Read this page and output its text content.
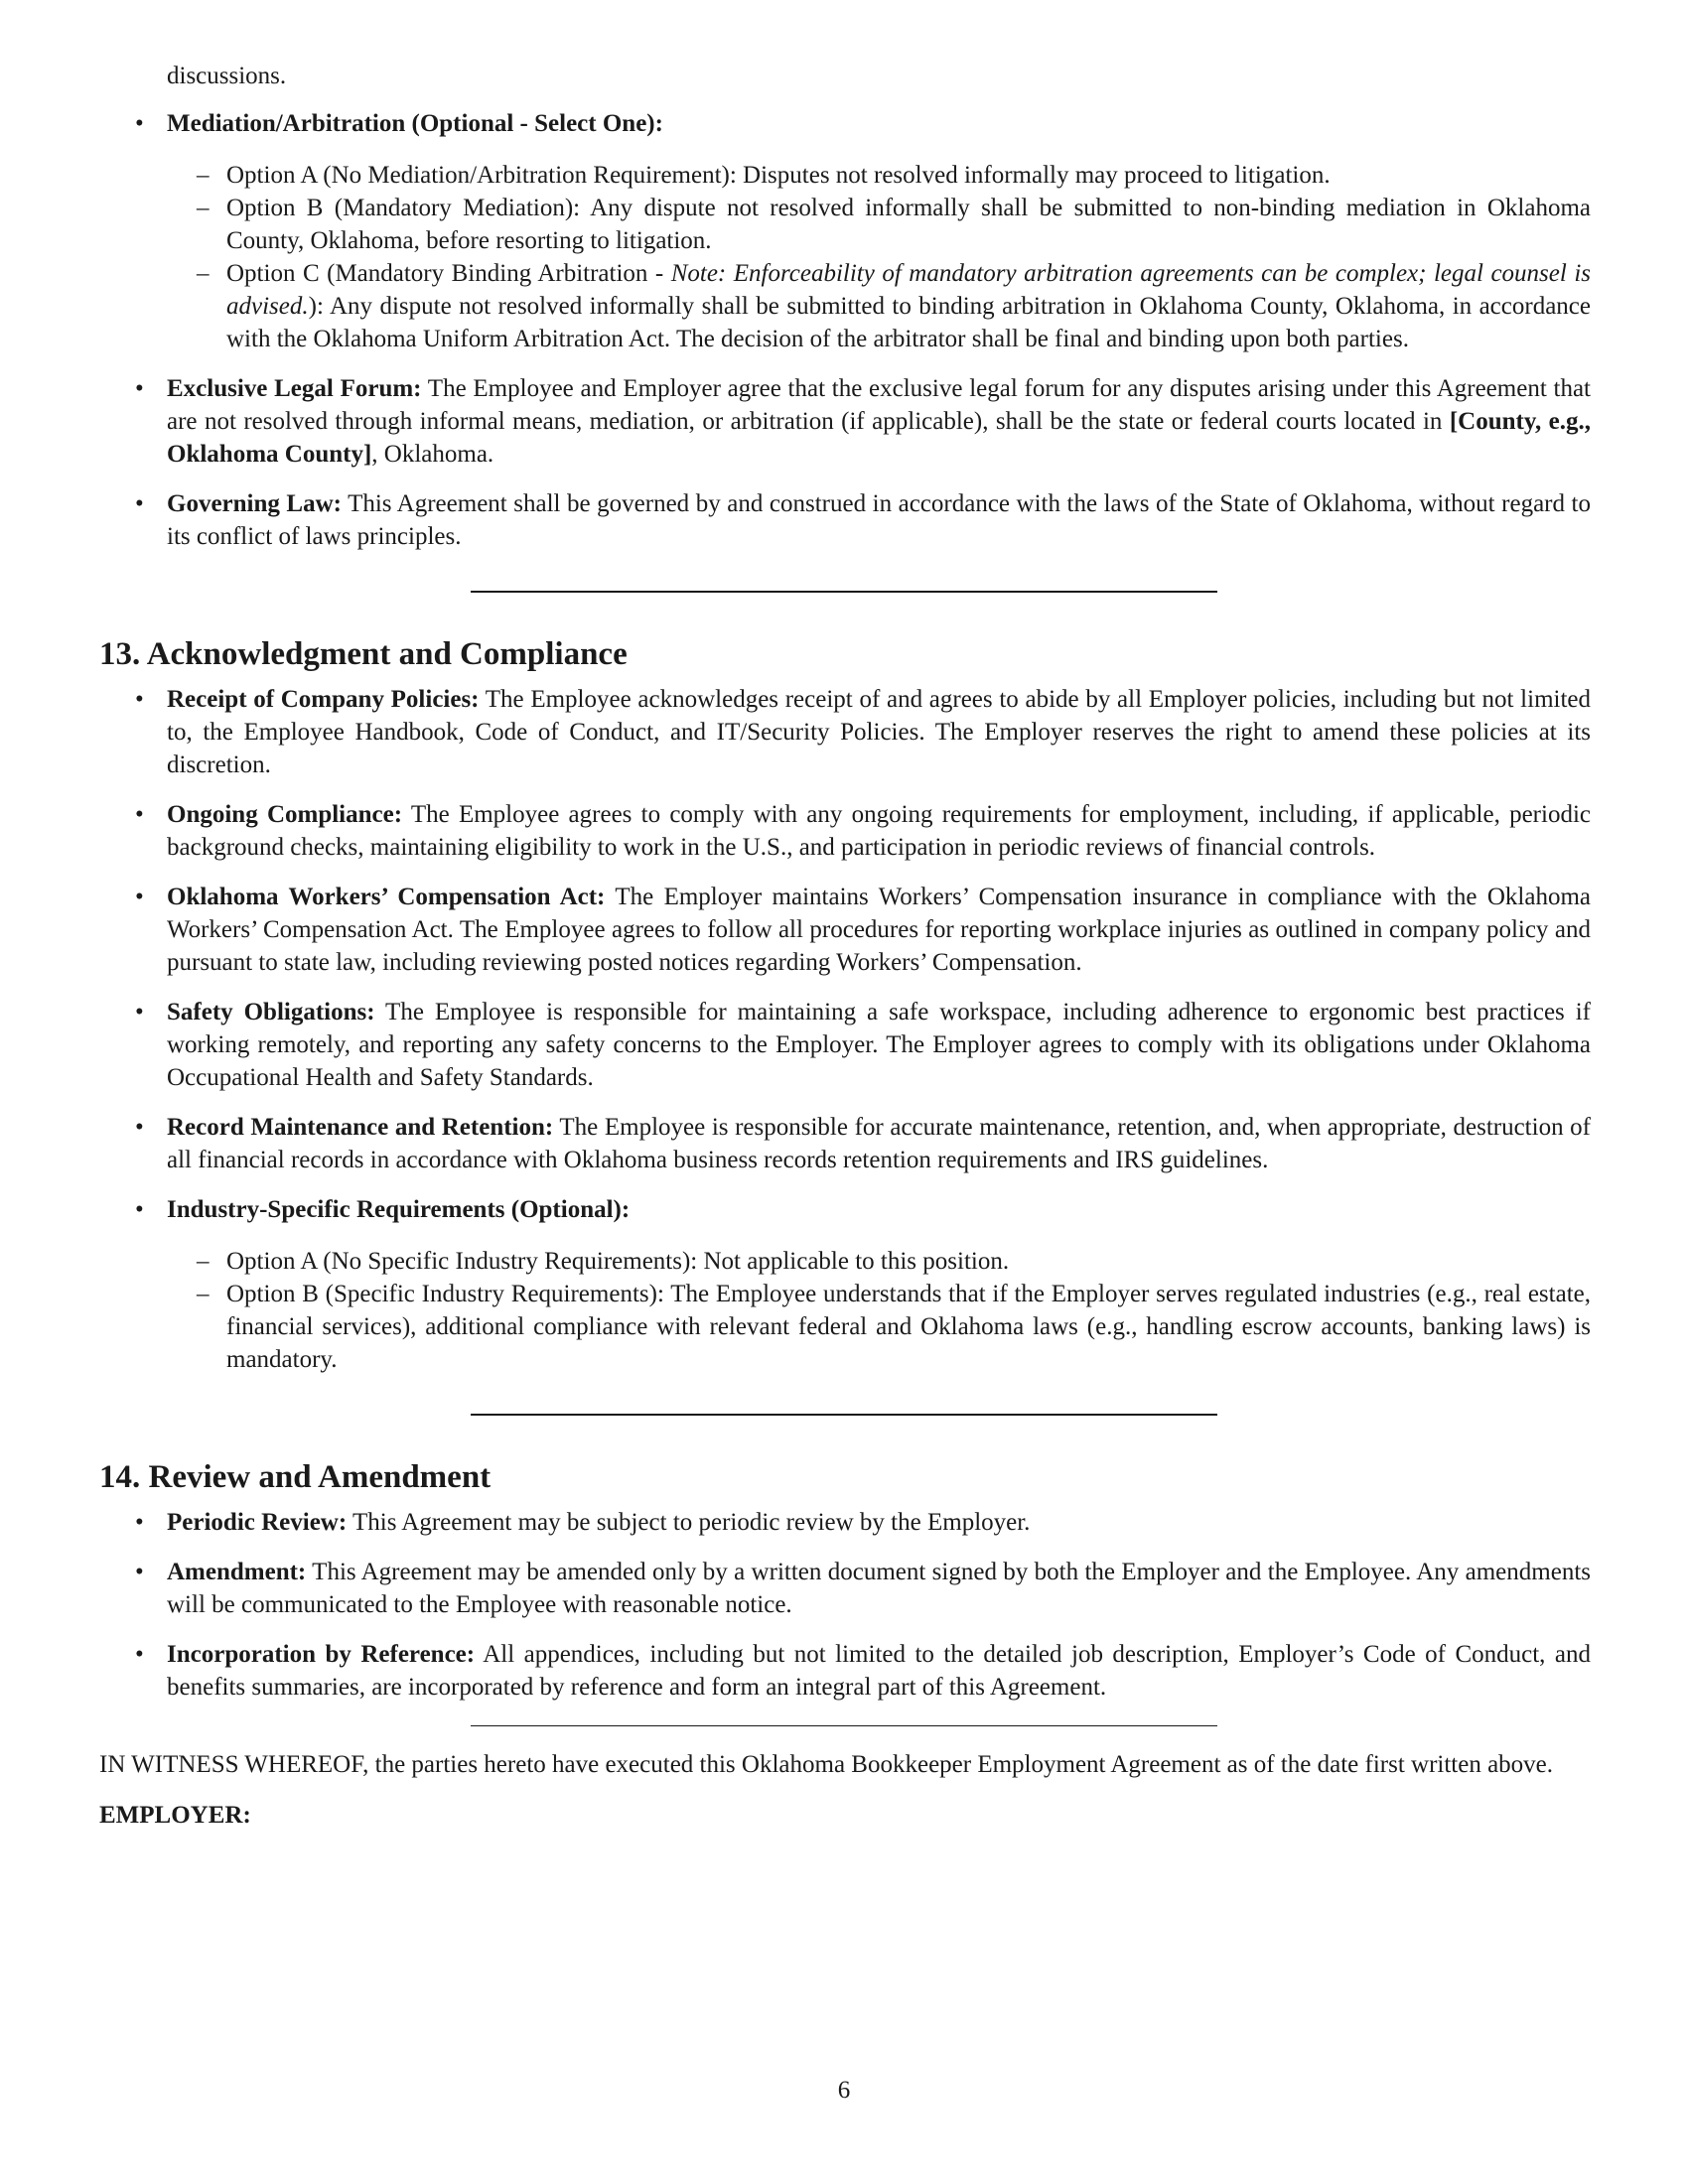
discussions.

• Mediation/Arbitration (Optional - Select One):

– Option A (No Mediation/Arbitration Requirement): Disputes not resolved informally may proceed to litigation.

– Option B (Mandatory Mediation): Any dispute not resolved informally shall be submitted to non-binding mediation in Oklahoma County, Oklahoma, before resorting to litigation.

– Option C (Mandatory Binding Arbitration - Note: Enforceability of mandatory arbitration agreements can be complex; legal counsel is advised.): Any dispute not resolved informally shall be submitted to binding arbitration in Oklahoma County, Oklahoma, in accordance with the Oklahoma Uniform Arbitration Act. The decision of the arbitrator shall be final and binding upon both parties.

• Exclusive Legal Forum: The Employee and Employer agree that the exclusive legal forum for any disputes arising under this Agreement that are not resolved through informal means, mediation, or arbitration (if applicable), shall be the state or federal courts located in [County, e.g., Oklahoma County], Oklahoma.

• Governing Law: This Agreement shall be governed by and construed in accordance with the laws of the State of Oklahoma, without regard to its conflict of laws principles.

13. Acknowledgment and Compliance
• Receipt of Company Policies: The Employee acknowledges receipt of and agrees to abide by all Employer policies, including but not limited to, the Employee Handbook, Code of Conduct, and IT/Security Policies. The Employer reserves the right to amend these policies at its discretion.

• Ongoing Compliance: The Employee agrees to comply with any ongoing requirements for employment, including, if applicable, periodic background checks, maintaining eligibility to work in the U.S., and participation in periodic reviews of financial controls.

• Oklahoma Workers’ Compensation Act: The Employer maintains Workers’ Compensation insurance in compliance with the Oklahoma Workers’ Compensation Act. The Employee agrees to follow all procedures for reporting workplace injuries as outlined in company policy and pursuant to state law, including reviewing posted notices regarding Workers’ Compensation.

• Safety Obligations: The Employee is responsible for maintaining a safe workspace, including adherence to ergonomic best practices if working remotely, and reporting any safety concerns to the Employer. The Employer agrees to comply with its obligations under Oklahoma Occupational Health and Safety Standards.

• Record Maintenance and Retention: The Employee is responsible for accurate maintenance, retention, and, when appropriate, destruction of all financial records in accordance with Oklahoma business records retention requirements and IRS guidelines.

• Industry-Specific Requirements (Optional):

– Option A (No Specific Industry Requirements): Not applicable to this position.

– Option B (Specific Industry Requirements): The Employee understands that if the Employer serves regulated industries (e.g., real estate, financial services), additional compliance with relevant federal and Oklahoma laws (e.g., handling escrow accounts, banking laws) is mandatory.

14. Review and Amendment
• Periodic Review: This Agreement may be subject to periodic review by the Employer.

• Amendment: This Agreement may be amended only by a written document signed by both the Employer and the Employee. Any amendments will be communicated to the Employee with reasonable notice.

• Incorporation by Reference: All appendices, including but not limited to the detailed job description, Employer’s Code of Conduct, and benefits summaries, are incorporated by reference and form an integral part of this Agreement.

IN WITNESS WHEREOF, the parties hereto have executed this Oklahoma Bookkeeper Employment Agreement as of the date first written above.

EMPLOYER:

6
